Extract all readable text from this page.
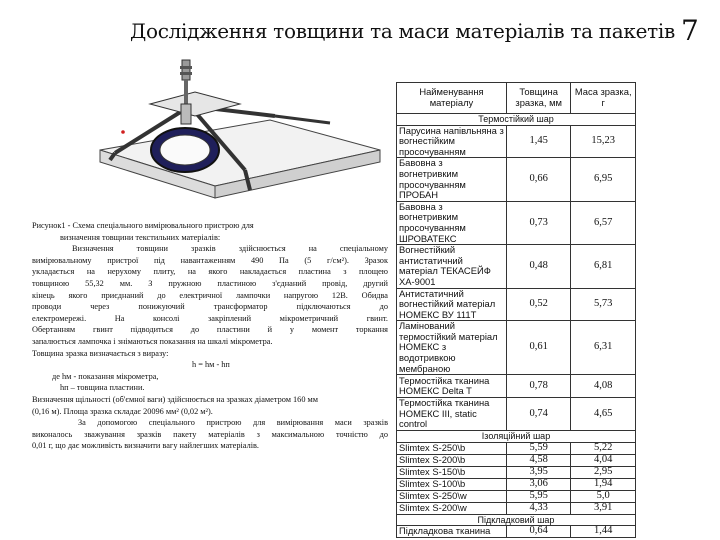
Дослідження товщини та маси матеріалів та пакетів 7

Рисунок1 - Схема спеціального вимірювального пристрою для

визначення товщини текстильних матеріалів:

Визначення товщини зразків здійснюється на спеціальному

вимірювальному пристрої під навантаженням 490 Па (5 г/см²). Зразок

укладається на нерухому плиту, на якого накладається пластина з площею

товщиною 55,32 мм. З пружною пластиною з'єднаний провід, другий

кінець якого приєднаний до електричної лампочки напругою 12В. Обидва

проводи через понижуючий трансформатор підключаються до

електромережі. На консолі закріплений мікрометричний гвинт.

Обертанням гвинт підводиться до пластини й у момент торкання

запалюється лампочка і знімаються показання на шкалі мікрометра.

Товщина зразка визначається з виразу:

h = hм - hп

де hм - показання мікрометра,

hп – товщина пластини.

Визначення щільності (об'ємної ваги) здійснюється на зразках діаметром 160 мм

(0,16 м). Площа зразка складає 20096 мм² (0,02 м²).

За допомогою спеціального пристрою для вимірювання маси зразків

виконалось зважування зразків пакету матеріалів з максимальною точністю до

0,01 г, що дає можливість визначити вагу найлегших матеріалів.

Найменування матеріалу	Товщина зразка, мм	Маса зразка, г
Термостійкий шар		
Парусина напівльняна з вогнестійким просочуванням	1,45	15,23
Бавовна з вогнетривким просочуванням ПРОБАН	0,66	6,95
Бавовна з вогнетривким просочуванням ШРОВАТЕКС	0,73	6,57
Вогнестійкий антистатичний матеріал ТЕКАСЕЙФ ХА-9001	0,48	6,81
Антистатичний вогнестійкий матеріал НОМЕКС ВУ 111Т	0,52	5,73
Ламінований термостійкий матеріал НОМЕКС з водотривкою мембраною	0,61	6,31
Термостійка тканина НОМЕКС Delta T	0,78	4,08
Термостійка тканина НОМЕКС III, static control	0,74	4,65
Ізоляційний шар		
Slimtex S-250\b	5,59	5,22
Slimtex S-200\b	4,58	4,04
Slimtex S-150\b	3,95	2,95
Slimtex S-100\b	3,06	1,94
Slimtex S-250\w	5,95	5,0
Slimtex S-200\w	4,33	3,91
Підкладковий шар		
Підкладкова тканина	0,64	1,44
